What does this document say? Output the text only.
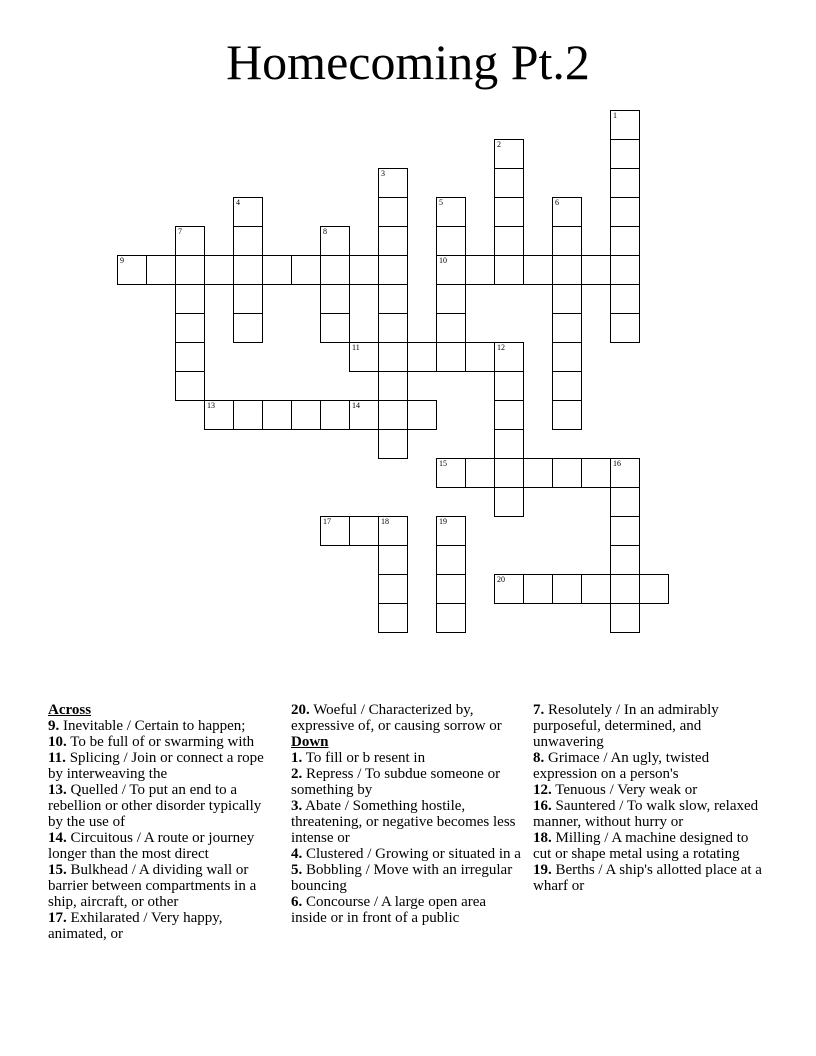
Homecoming Pt.2
1
2
3
4	5
10
6
7	8
9
11	12
13	14
15	16
17	18	19
20

Across

9. Inevitable / Certain to happen;

10. To be full of or swarming with

11. Splicing / Join or connect a rope by interweaving the

13. Quelled / To put an end to a rebellion or other disorder typically by the use of

14. Circuitous / A route or journey longer than the most direct

15. Bulkhead / A dividing wall or barrier between compartments in a ship, aircraft, or other

17. Exhilarated / Very happy, animated, or

20. Woeful / Characterized by, expressive of, or causing sorrow or

Down

1. To fill or b resent in

2. Repress / To subdue someone or something by

3. Abate / Something hostile, threatening, or negative becomes less intense or

4. Clustered / Growing or situated in a

5. Bobbling / Move with an irregular bouncing

6. Concourse / A large open area inside or in front of a public

7. Resolutely / In an admirably purposeful, determined, and unwavering

8. Grimace / An ugly, twisted expression on a person's

12. Tenuous / Very weak or

16. Sauntered / To walk slow, relaxed manner, without hurry or

18. Milling / A machine designed to cut or shape metal using a rotating

19. Berths / A ship's allotted place at a wharf or
